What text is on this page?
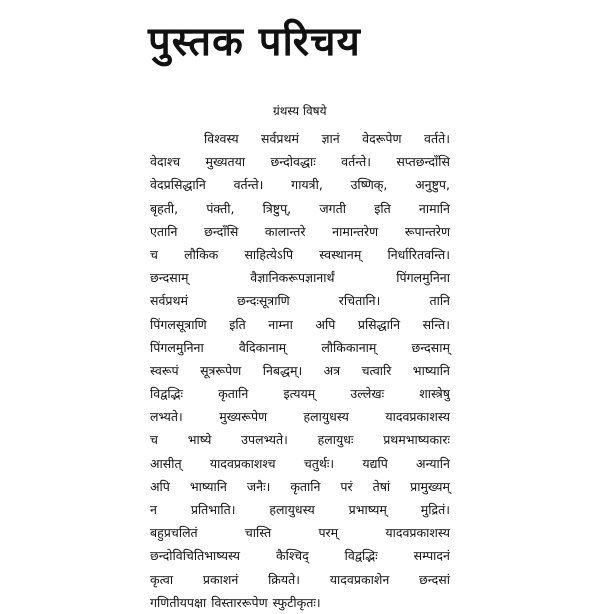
पुस्तक परिचय
ग्रंथस्य विषये
विश्वस्य सर्वप्रथमं ज्ञानं वेदरूपेण वर्तते।
वेदाश्च मुख्यतया छन्दोवद्धाः वर्तन्ते। सप्तछन्दाँसि
वेदप्रसिद्धानि वर्तन्ते। गायत्री, उष्णिक्, अनुष्टुप,
बृहती, पंक्ती, त्रिष्टुप्, जगती इति नामानि
एतानि छन्दाँसि कालान्तरे नामान्तरेण रूपान्तरेण
च लौकिक साहित्येऽपि स्वस्थानम् निर्धारितवन्ति।
छन्दसाम्	वैज्ञानिकरूपज्ञानार्थं	पिंगलमुनिना
सर्वप्रथमं	छन्दःसूत्राणि	रचितानि।	तानि
पिंगलसूत्राणि इति नाम्ना अपि प्रसिद्धानि सन्ति।
पिंगलमुनिना	वैदिकानाम्	लौकिकानाम्	छन्दसाम्
स्वरूपं सूत्ररूपेण निबद्धम्। अत्र चत्वारि भाष्यानि
विद्वद्भिः	कृतानि	इत्ययम्	उल्लेखः	शास्त्रेषु
लभ्यते।	मुख्यरूपेण	हलायुधस्य	यादवप्रकाशस्य
च भाष्ये उपलभ्यते। हलायुधः प्रथमभाष्यकारः
आसीत् यादवप्रकाशश्च चतुर्थः। यद्यपि अन्यानि
अपि भाष्यानि जनैः। कृतानि परं तेषां प्रामुख्यम्
न	प्रतिभाति।	हलायुधस्य	प्रभाष्यम्	मुद्रितं।
बहुप्रचलितं	चास्ति	परम्	यादवप्रकाशस्य
छन्दोविचितिभाष्यस्य	कैश्चिद्	विद्वद्भिः	सम्पादनं
कृत्वा प्रकाशनं क्रियते। यादवप्रकाशेन छन्दसां
गणितीयपक्षा विस्ताररूपेण स्फुटीकृतः।
